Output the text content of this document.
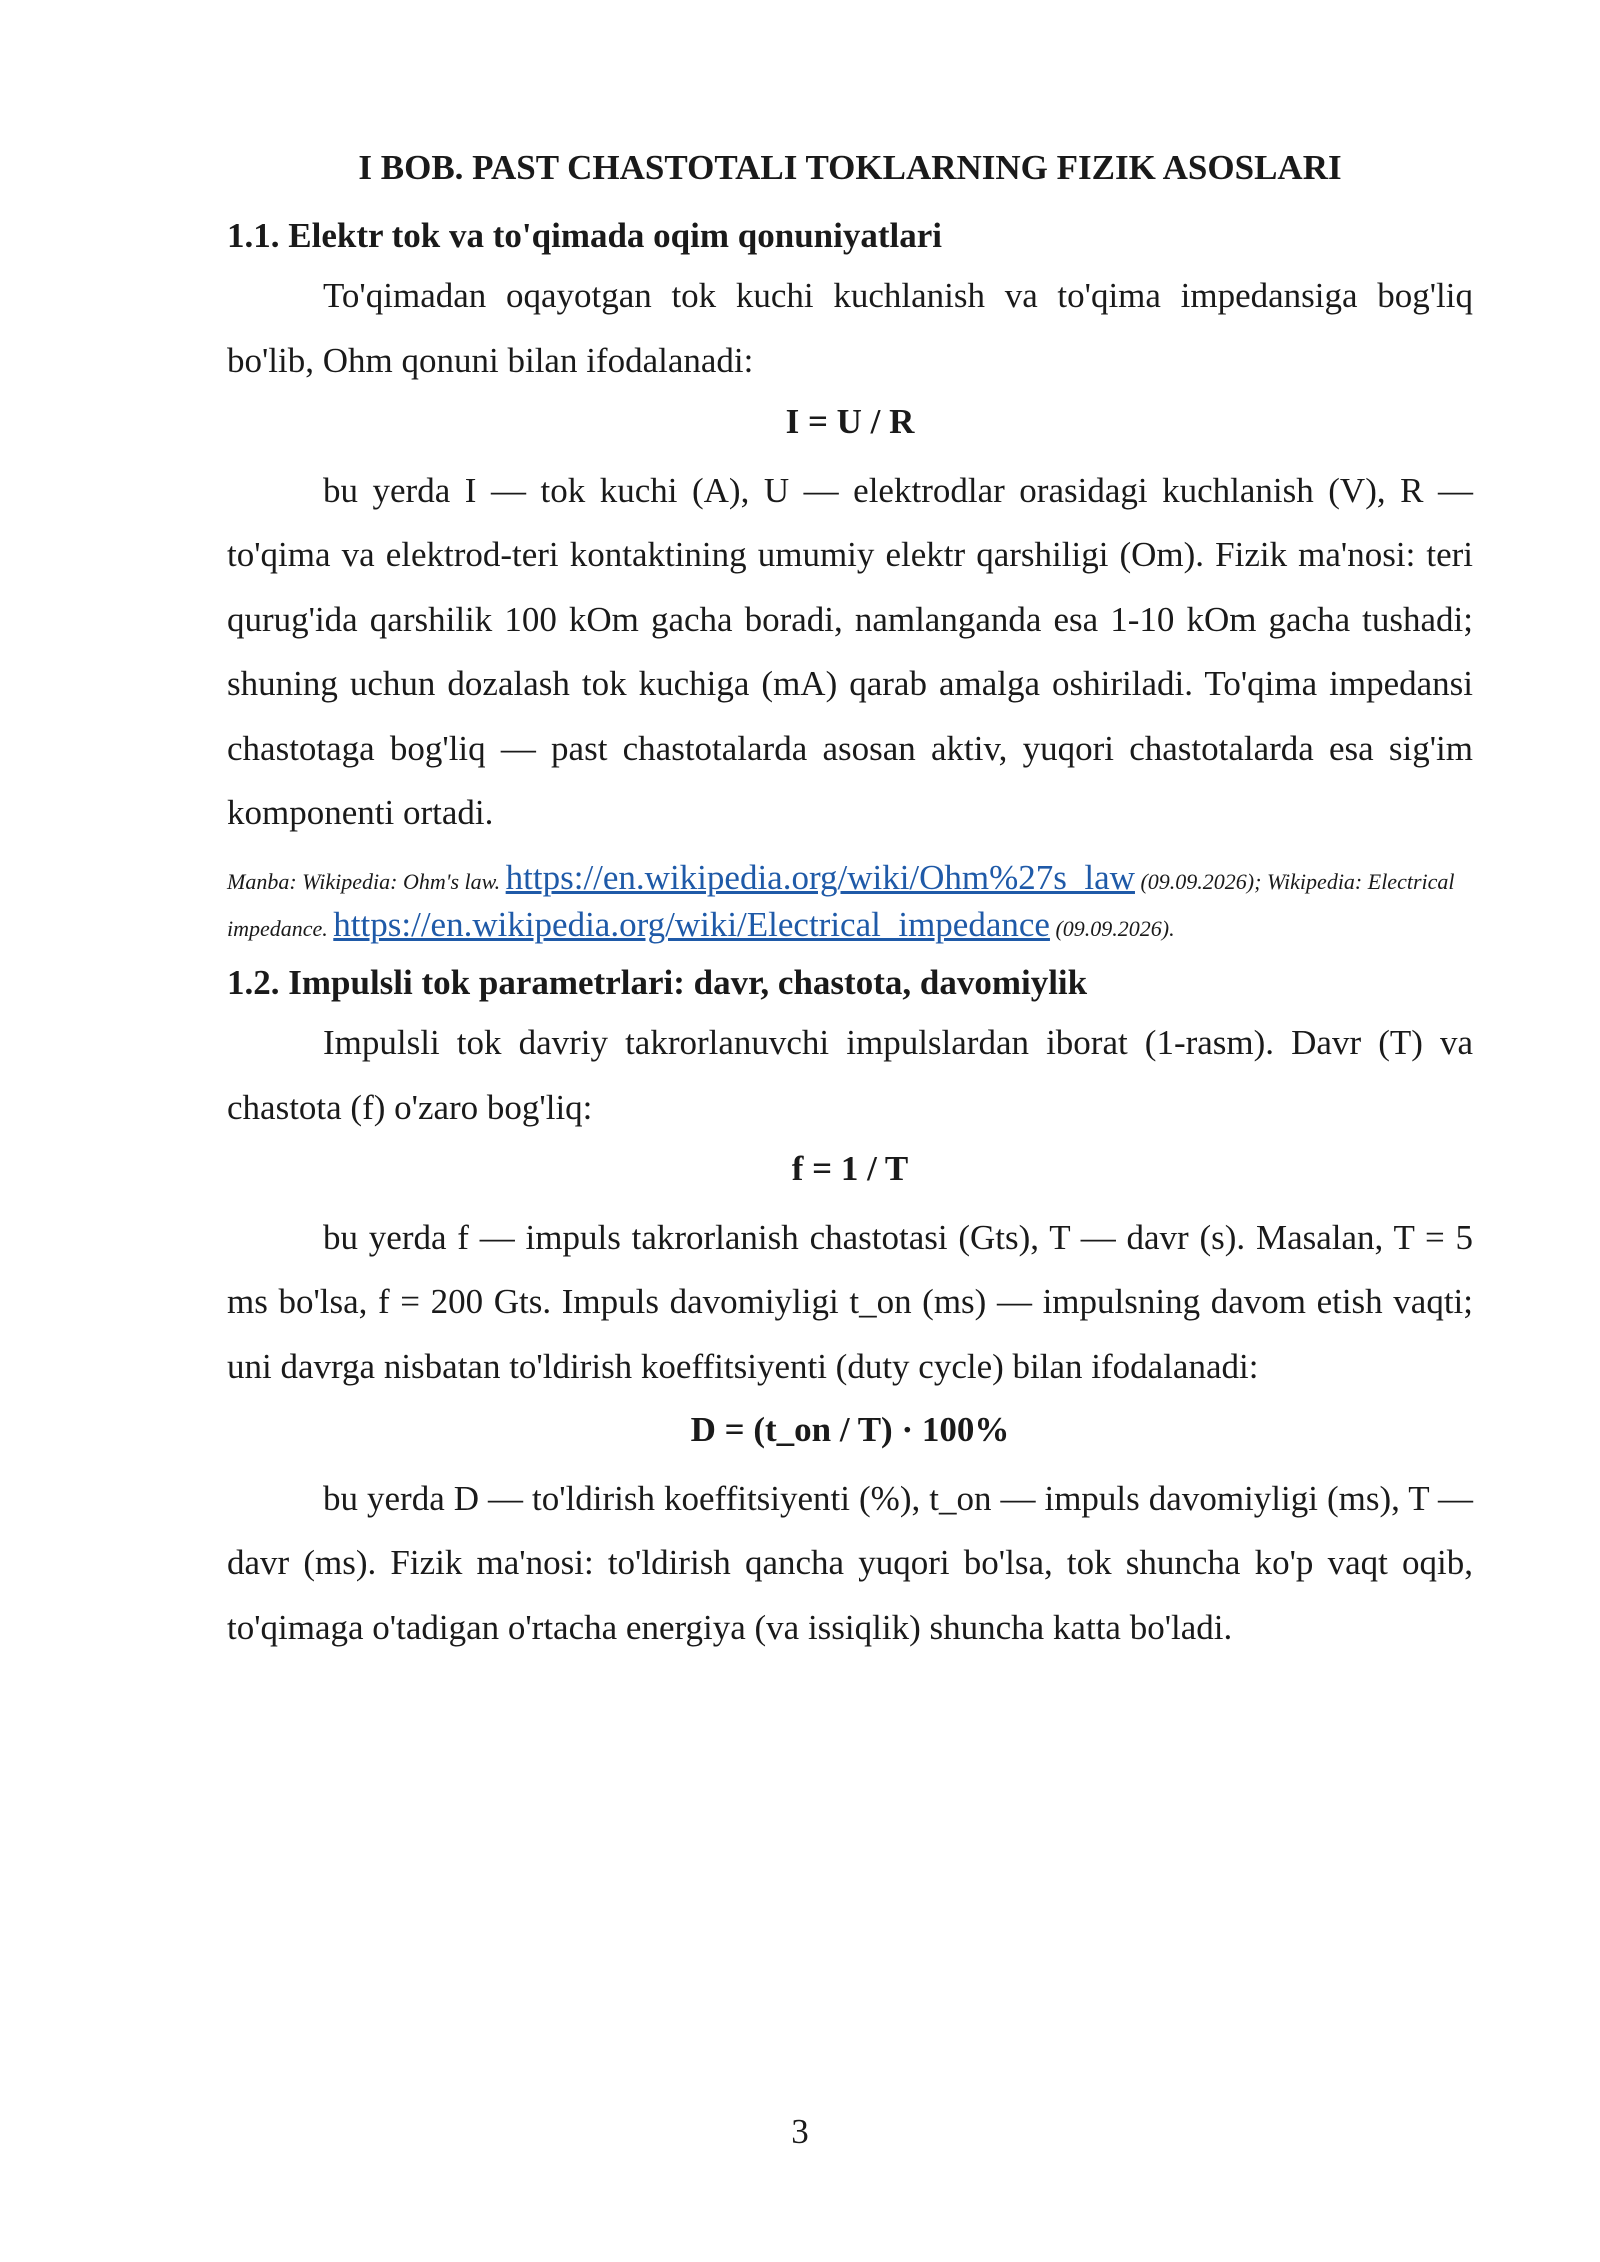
I BOB. PAST CHASTOTALI TOKLARNING FIZIK ASOSLARI
1.1. Elektr tok va to'qimada oqim qonuniyatlari

To'qimadan oqayotgan tok kuchi kuchlanish va to'qima impedansiga bog'liq bo'lib, Ohm qonuni bilan ifodalanadi:

I = U / R

bu yerda I — tok kuchi (A), U — elektrodlar orasidagi kuchlanish (V), R — to'qima va elektrod-teri kontaktining umumiy elektr qarshiligi (Om). Fizik ma'nosi: teri qurug'ida qarshilik 100 kOm gacha boradi, namlanganda esa 1-10 kOm gacha tushadi; shuning uchun dozalash tok kuchiga (mA) qarab amalga oshiriladi. To'qima impedansi chastotaga bog'liq — past chastotalarda asosan aktiv, yuqori chastotalarda esa sig'im komponenti ortadi.

Manba: Wikipedia: Ohm's law. https://en.wikipedia.org/wiki/Ohm%27s_law (09.09.2026); Wikipedia: Electrical impedance. https://en.wikipedia.org/wiki/Electrical_impedance (09.09.2026).

1.2. Impulsli tok parametrlari: davr, chastota, davomiylik

Impulsli tok davriy takrorlanuvchi impulslardan iborat (1-rasm). Davr (T) va chastota (f) o'zaro bog'liq:

f = 1 / T

bu yerda f — impuls takrorlanish chastotasi (Gts), T — davr (s). Masalan, T = 5 ms bo'lsa, f = 200 Gts. Impuls davomiyligi t_on (ms) — impulsning davom etish vaqti; uni davrga nisbatan to'ldirish koeffitsiyenti (duty cycle) bilan ifodalanadi:

D = (t_on / T) · 100%

bu yerda D — to'ldirish koeffitsiyenti (%), t_on — impuls davomiyligi (ms), T — davr (ms). Fizik ma'nosi: to'ldirish qancha yuqori bo'lsa, tok shuncha ko'p vaqt oqib, to'qimaga o'tadigan o'rtacha energiya (va issiqlik) shuncha katta bo'ladi.

3
